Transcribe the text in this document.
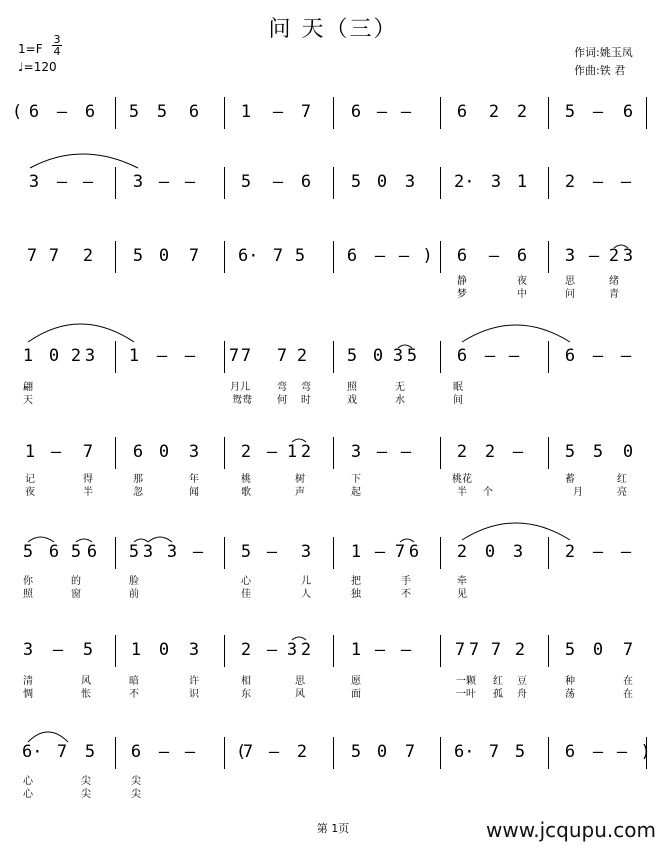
问 天（三）
1=F
3
4
♩=120
作词:姚玉凤
作曲:铁 君
( 6 – 6 5 5 6 1 – 7 6 – –	6 2 2 5 – 6
3 – – 3 – –	5 – 6 5 0 3 2· 3 1 2 – –
7 7 2 5 0 7 6· 7 5 6 – – ) 6 – 6 3 – 2 3
1 0 2 3 1 – – 7 7 7 2 5 0 3 5 6 – –	6 – –
1 – 7 6 0 3 2 – 1 2 3 – –	2 2 – 5 5 0
5 6 5 6 5 3 3 – 5 – 3 1 – 7 6 2 0 3 2 – –
3 – 5 1 0 3 2 – 3 2 1 – –	7 7 7 2 5 0 7
6· 7 5 6 – –	(
7 – 2	5 0 7 6· 7 5 6 – – )
静	夜	思	绪
梦	中	问	青
翩	月儿	弯 弯	照	无	眠
天	鸳鸯	何 时	戏	水	间
记	得	那	年	桃	树	下	桃花	蓄	红
夜	半	忽	闻	歌	声	起	半 个	月	亮
你	的	脸	心	儿	把	手	牵
照	窗	前	佳	人	独	不	见
清	风	暗	许	相	思	愿	一颗 红 豆	种	在
惆	怅	不	识	东	风	面	一叶 孤 舟	荡	在
心	尖	尖
心	尖	尖
第 1页	www.jcqupu.com
